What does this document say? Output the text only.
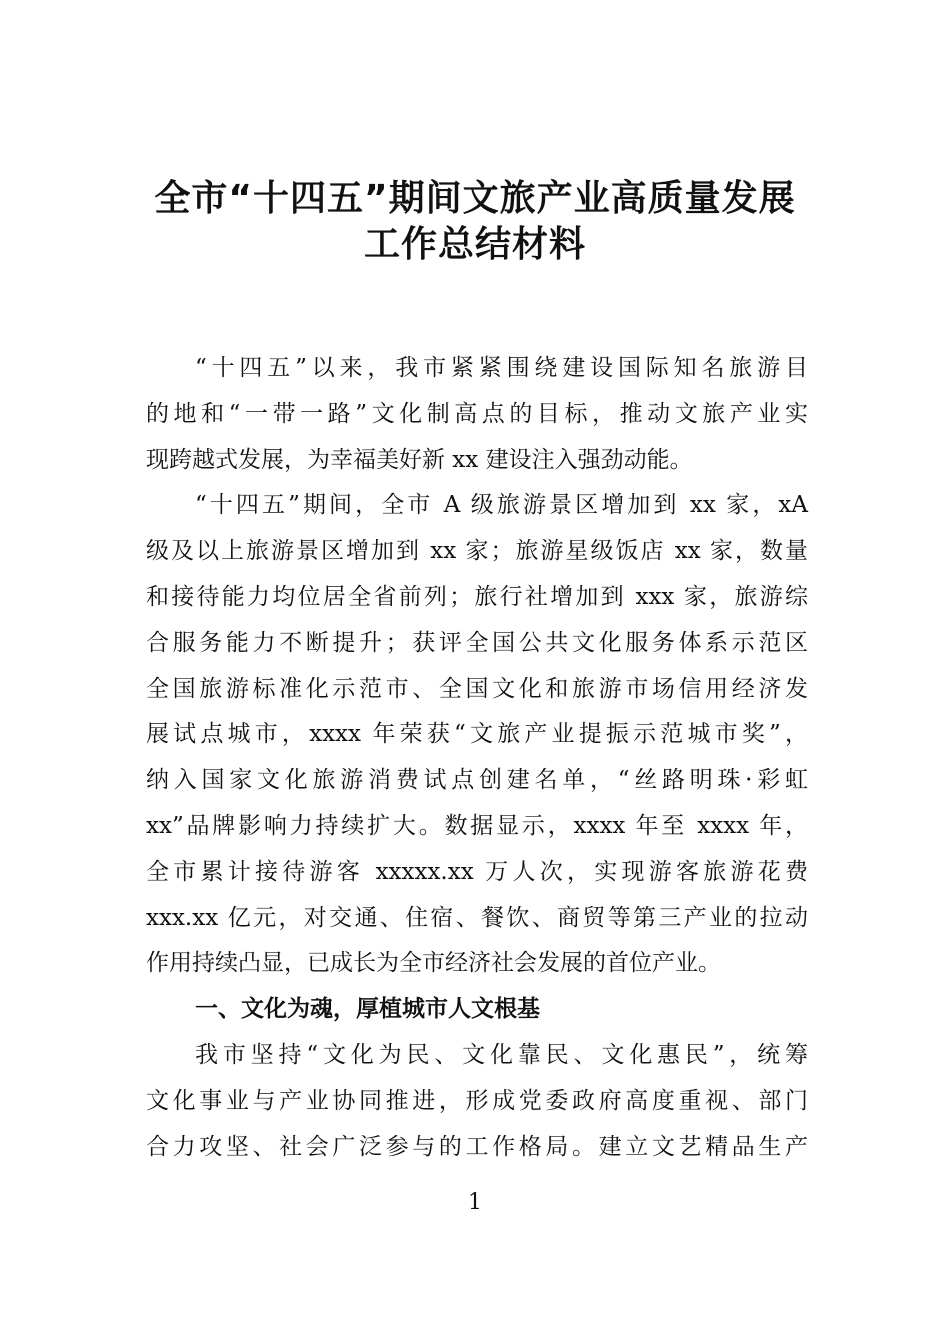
全市“十四五”期间文旅产业高质量发展
工作总结材料
“十四五”以来，我市紧紧围绕建设国际知名旅游目
的地和“一带一路”文化制高点的目标，推动文旅产业实
现跨越式发展，为幸福美好新 xx 建设注入强劲动能。
“十四五”期间，全市 A 级旅游景区增加到 xx 家，xA
级及以上旅游景区增加到 xx 家；旅游星级饭店 xx 家，数量
和接待能力均位居全省前列；旅行社增加到 xxx 家，旅游综
合服务能力不断提升；获评全国公共文化服务体系示范区
全国旅游标准化示范市、全国文化和旅游市场信用经济发
展试点城市，xxxx 年荣获“文旅产业提振示范城市奖”，
纳入国家文化旅游消费试点创建名单，“丝路明珠·彩虹
xx”品牌影响力持续扩大。数据显示，xxxx 年至 xxxx 年，
全市累计接待游客 xxxxx.xx 万人次，实现游客旅游花费
xxx.xx 亿元，对交通、住宿、餐饮、商贸等第三产业的拉动
作用持续凸显，已成长为全市经济社会发展的首位产业。
一、文化为魂，厚植城市人文根基
我市坚持“文化为民、文化靠民、文化惠民”，统筹
文化事业与产业协同推进，形成党委政府高度重视、部门
合力攻坚、社会广泛参与的工作格局。建立文艺精品生产
1
